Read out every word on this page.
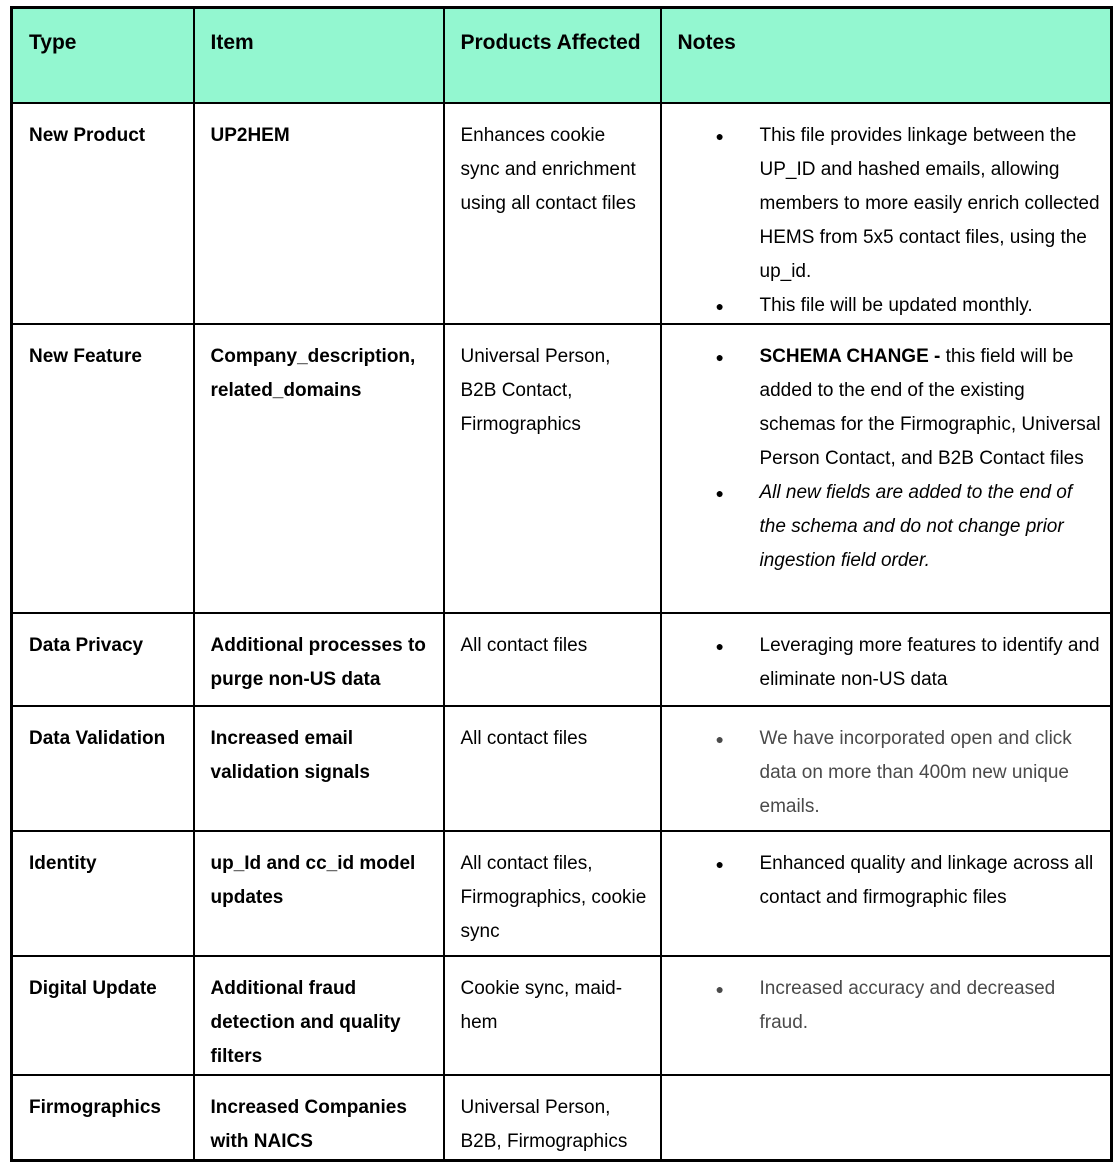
Type	Item	Products Affected	Notes
New Product	UP2HEM	Enhances cookie sync and enrichment using all contact files	
●	This file provides linkage between the UP_ID and hashed emails, allowing members to more easily enrich collected HEMS from 5x5 contact files, using the up_id.
●	This file will be updated monthly.

New Feature	Company_description, related_domains	Universal Person, B2B Contact, Firmographics	
●	SCHEMA CHANGE - this field will be added to the end of the existing schemas for the Firmographic, Universal Person Contact, and B2B Contact files
●	All new fields are added to the end of the schema and do not change prior ingestion field order.

Data Privacy	Additional processes to purge non-US data	All contact files	●	Leveraging more features to identify and eliminate non-US data

Data Validation	Increased email validation signals	All contact files	●	We have incorporated open and click data on more than 400m new unique emails.

Identity	up_Id and cc_id model updates	All contact files, Firmographics, cookie sync	
●	Enhanced quality and linkage across all contact and firmographic files

Digital Update	Additional fraud detection and quality filters	Cookie sync, maid-hem	
●	Increased accuracy and decreased fraud.

Firmographics	Increased Companies with NAICS	Universal Person, B2B, Firmographics	
